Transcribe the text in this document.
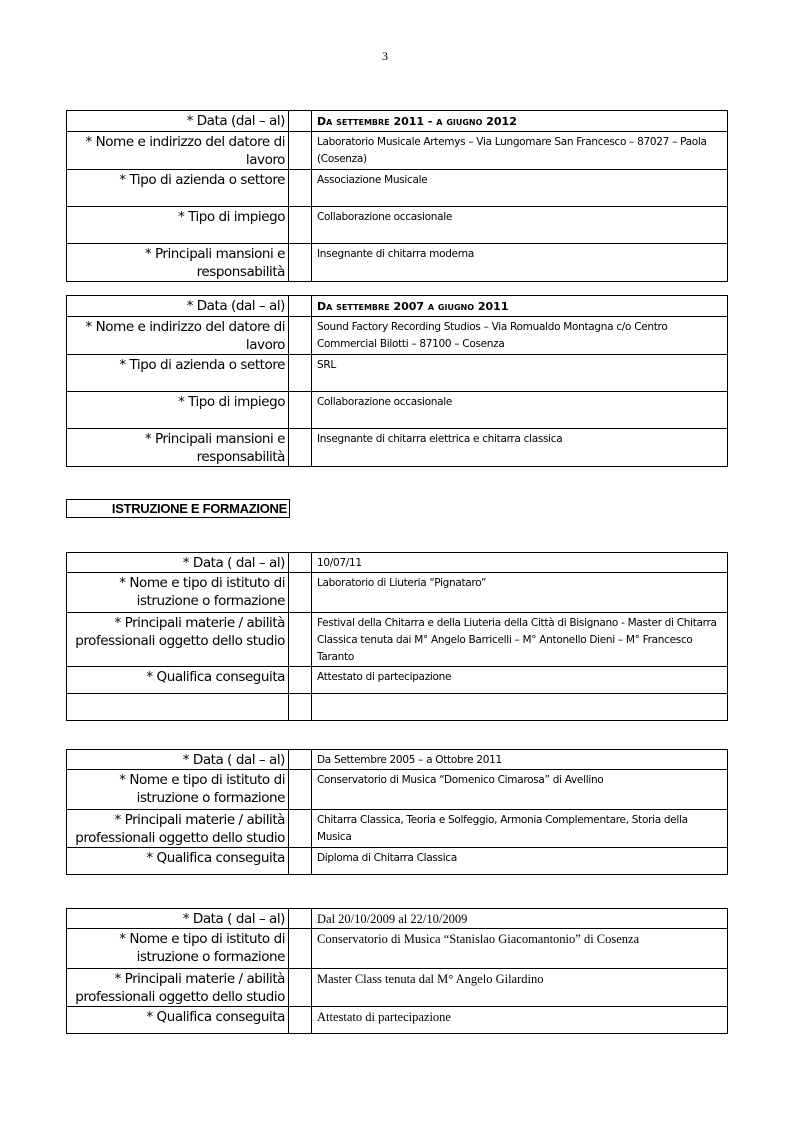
3
* Data (dal – al)		Da settembre 2011 - a giugno 2012
* Nome e indirizzo del datore di lavoro		Laboratorio Musicale Artemys – Via Lungomare San Francesco – 87027 – Paola (Cosenza)
* Tipo di azienda o settore		Associazione Musicale
* Tipo di impiego		Collaborazione occasionale
* Principali mansioni e responsabilità		Insegnante di chitarra moderna
* Data (dal – al)		Da settembre 2007 a giugno 2011
* Nome e indirizzo del datore di lavoro		Sound Factory Recording Studios – Via Romualdo Montagna c/o Centro Commercial Bilotti – 87100 – Cosenza
* Tipo di azienda o settore		SRL
* Tipo di impiego		Collaborazione occasionale
* Principali mansioni e responsabilità		Insegnante di chitarra elettrica e chitarra classica
ISTRUZIONE E FORMAZIONE
* Data ( dal – al)		10/07/11
* Nome e tipo di istituto di istruzione o formazione		Laboratorio di Liuteria “Pignataro”
* Principali materie / abilità professionali oggetto dello studio		Festival della Chitarra e della Liuteria della Città di Bisignano - Master di Chitarra Classica tenuta dai M° Angelo Barricelli – M° Antonello Dieni – M° Francesco Taranto
* Qualifica conseguita		Attestato di partecipazione

* Data ( dal – al)		Da Settembre 2005 – a Ottobre 2011
* Nome e tipo di istituto di istruzione o formazione		Conservatorio di Musica “Domenico Cimarosa” di Avellino
* Principali materie / abilità professionali oggetto dello studio		Chitarra Classica, Teoria e Solfeggio, Armonia Complementare, Storia della Musica
* Qualifica conseguita		Diploma di Chitarra Classica
* Data ( dal – al)		Dal 20/10/2009 al 22/10/2009
* Nome e tipo di istituto di istruzione o formazione		Conservatorio di Musica “Stanislao Giacomantonio” di Cosenza
* Principali materie / abilità professionali oggetto dello studio		Master Class tenuta dal M° Angelo Gilardino
* Qualifica conseguita		Attestato di partecipazione
